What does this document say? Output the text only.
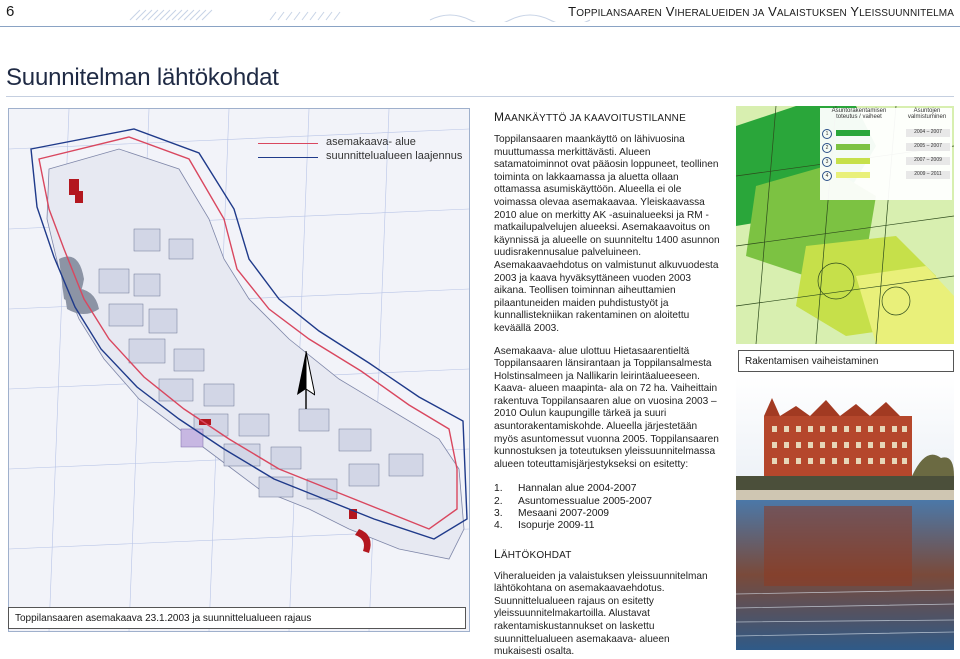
6	TOPPILANSAAREN VIHERALUEIDEN JA VALAISTUKSEN YLEISSUUNNITELMA
Suunnitelman lähtökohdat
asemakaava- alue
suunnittelualueen laajennus
Toppilansaaren asemakaava 23.1.2003 ja suunnittelualueen rajaus

MAANKÄYTTÖ JA KAAVOITUSTILANNE

Toppilansaaren maankäyttö on lähivuosina muuttumassa merkittävästi. Alueen satamatoiminnot ovat pääosin loppuneet, teollinen toiminta on lakkaamassa ja aluetta ollaan ottamassa asumiskäyttöön. Alueella ei ole voimassa olevaa asemakaavaa. Yleiskaavassa 2010 alue on merkitty AK -asuinalueeksi ja RM -matkailupalvelujen alueeksi. Asemakaavoitus on käynnissä ja alueelle on suunniteltu 1400 asunnon uudisrakennusalue palveluineen. Asemakaavaehdotus on valmistunut alkuvuodesta 2003 ja kaava hyväksyttäneen vuoden 2003 aikana. Teollisen toiminnan aiheuttamien pilaantuneiden maiden puhdistustyöt ja kunnallistekniikan rakentaminen on aloitettu keväällä 2003.

Asemakaava- alue ulottuu Hietasaarentieltä Toppilansaaren länsirantaan ja Toppilansalmesta Holstinsalmeen ja Nallikarin leirintäalueeseen. Kaava- alueen maapinta- ala on 72 ha. Vaiheittain rakentuva Toppilansaaren alue on vuosina 2003 – 2010 Oulun kaupungille tärkeä ja suuri asuntorakentamiskohde. Alueella järjestetään myös asuntomessut vuonna 2005. Toppilansaaren kunnostuksen ja toteutuksen yleissuunnitelmassa alueen toteuttamisjärjestykseksi on esitetty:

1. Hannalan alue 2004-2007
2. Asuntomessualue 2005-2007
3. Mesaani 2007-2009
4. Isopurje 2009-11

LÄHTÖKOHDAT

Viheralueiden ja valaistuksen yleissuunnitelman lähtökohtana on asemakaavaehdotus. Suunnittelualueen rajaus on esitetty yleissuunnitelmakartoilla. Alustavat rakentamiskustannukset on laskettu suunnittelualueen asemakaava- alueen mukaisesti osalta.

Asuntorakentamisen toteutus / vaiheet
Asuntojen valmistuminen
1	2004 – 2007
2	2005 – 2007
3	2007 – 2009
4	2009 – 2011
Rakentamisen vaiheistaminen
